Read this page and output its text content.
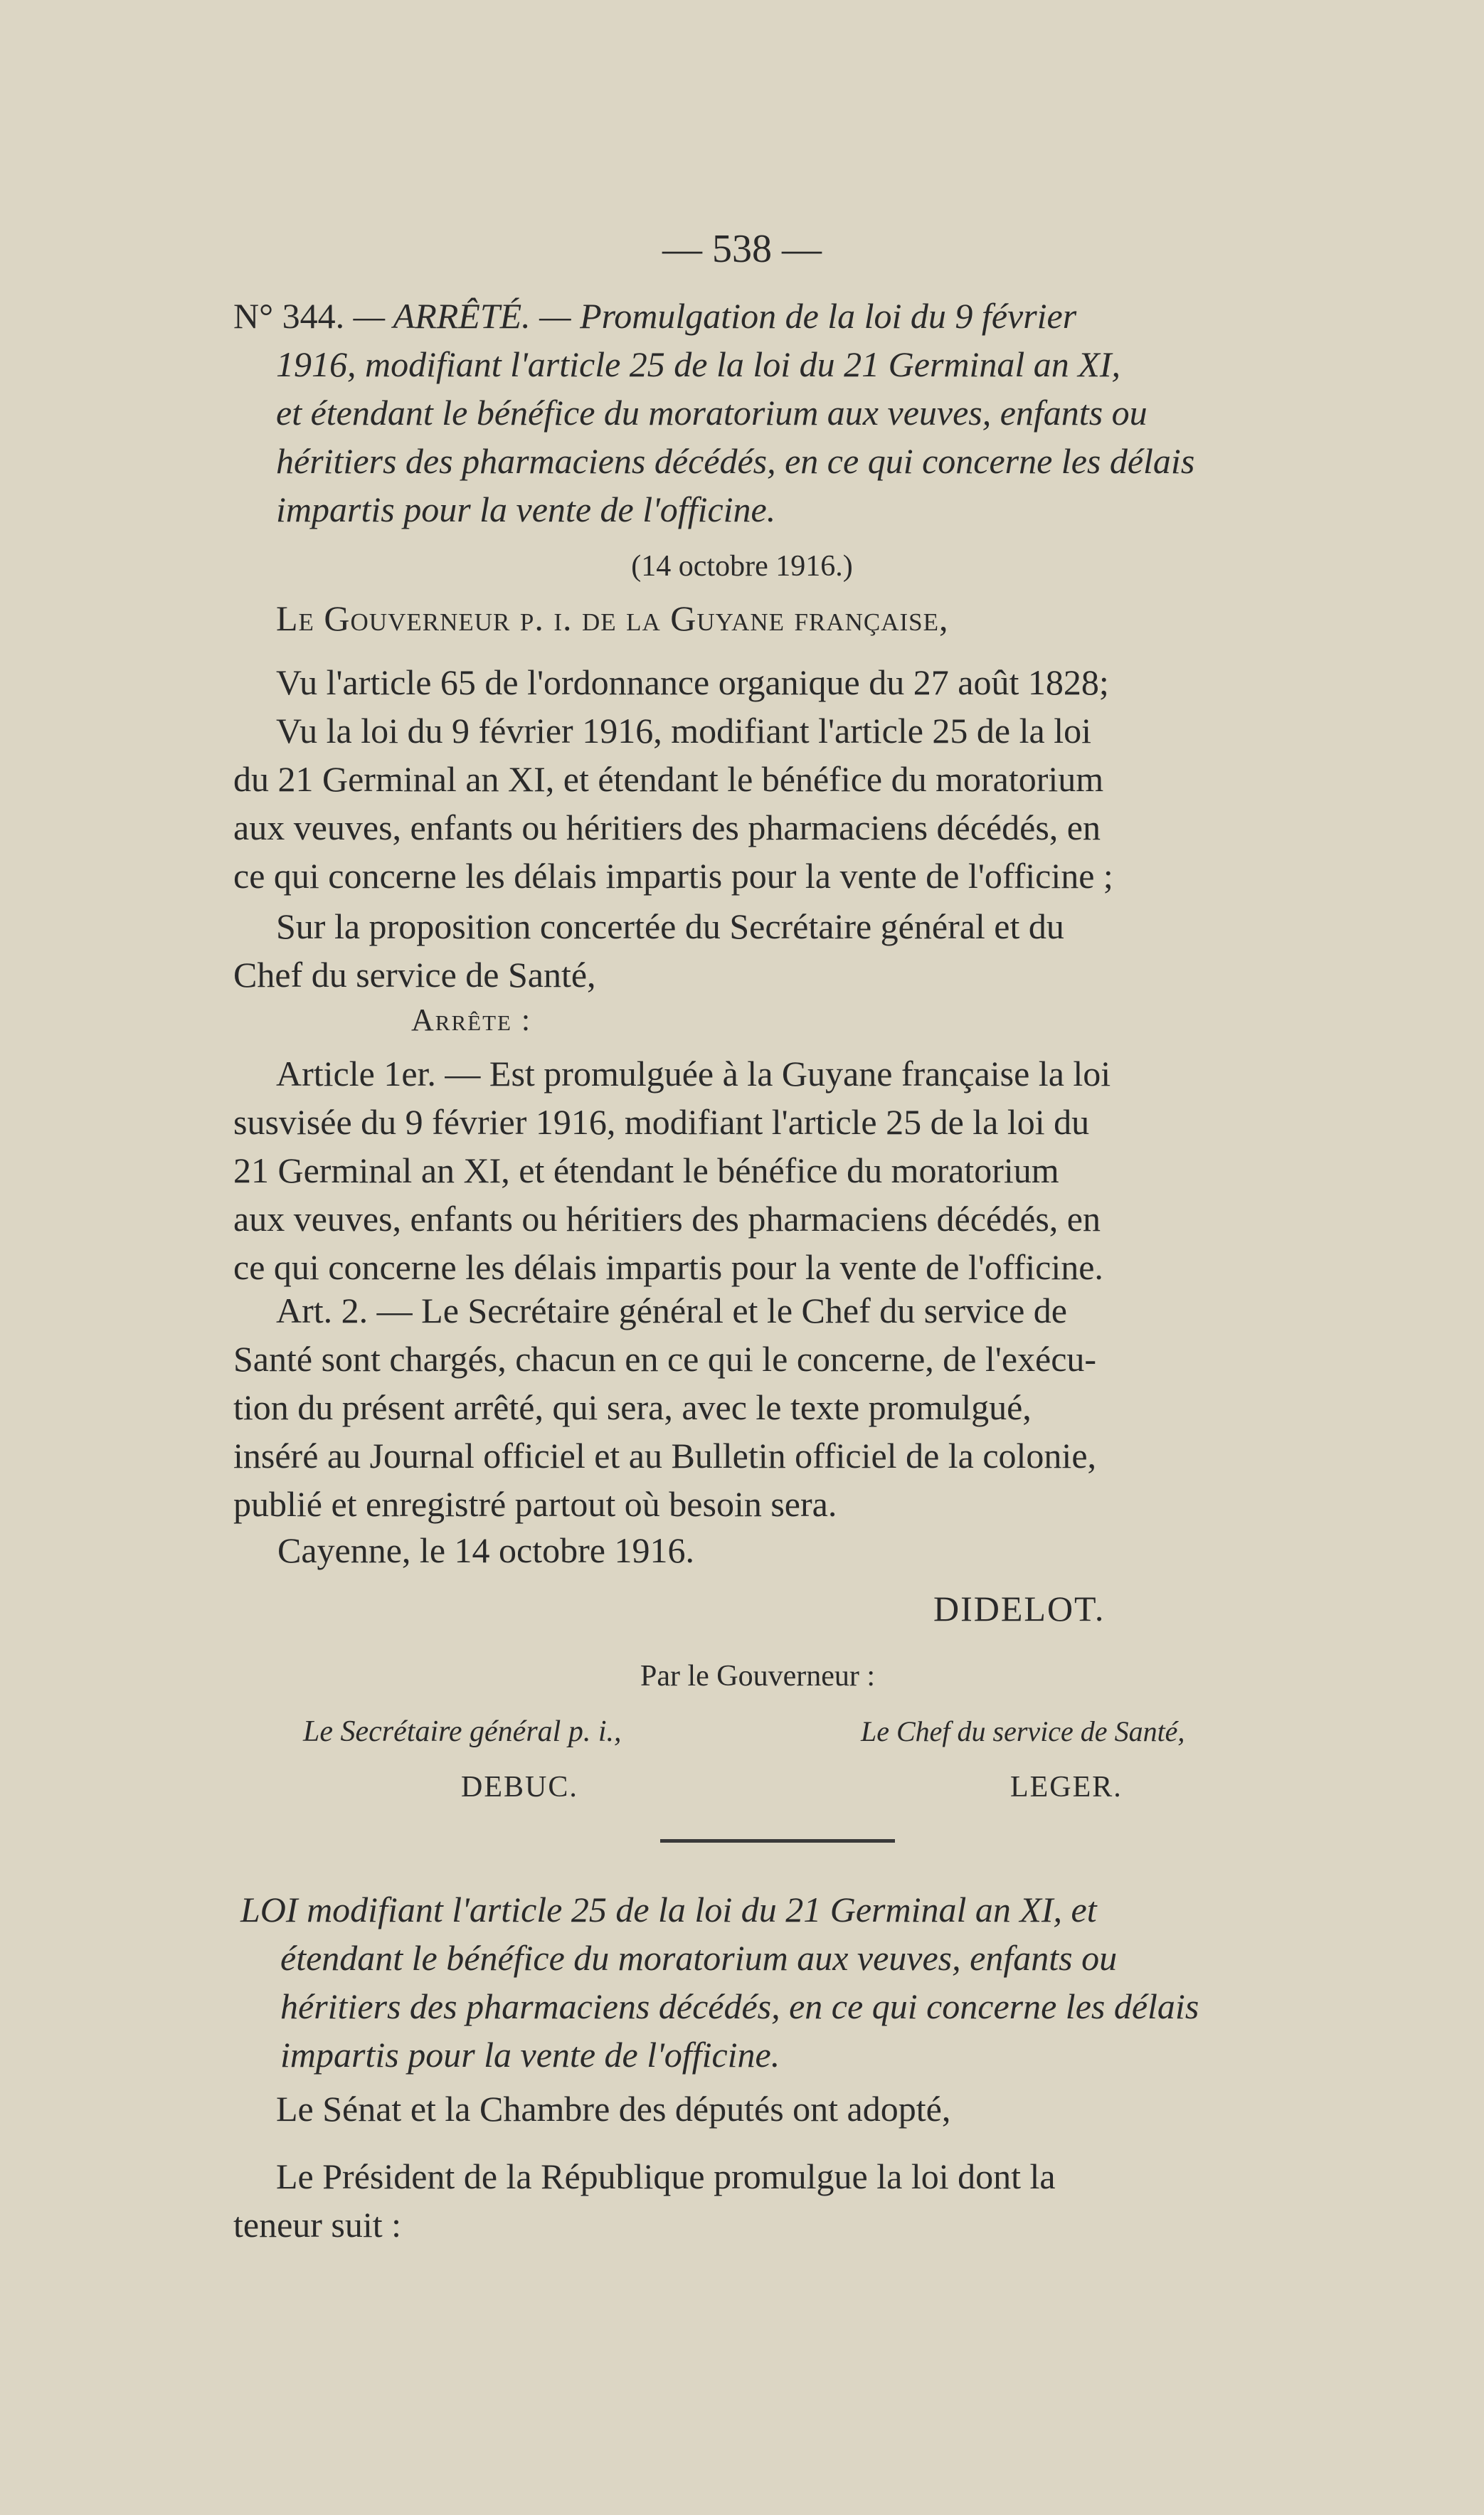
— 538 —
N° 344. — ARRÊTÉ. — Promulgation de la loi du 9 février
1916, modifiant l'article 25 de la loi du 21 Germinal an XI,
et étendant le bénéfice du moratorium aux veuves, enfants ou
héritiers des pharmaciens décédés, en ce qui concerne les délais
impartis pour la vente de l'officine.
(14 octobre 1916.)
Le Gouverneur p. i. de la Guyane française,
Vu l'article 65 de l'ordonnance organique du 27 août 1828;
Vu la loi du 9 février 1916, modifiant l'article 25 de la loi
du 21 Germinal an XI, et étendant le bénéfice du moratorium
aux veuves, enfants ou héritiers des pharmaciens décédés, en
ce qui concerne les délais impartis pour la vente de l'officine ;
Sur la proposition concertée du Secrétaire général et du
Chef du service de Santé,
Arrête :
Article 1er. — Est promulguée à la Guyane française la loi
susvisée du 9 février 1916, modifiant l'article 25 de la loi du
21 Germinal an XI, et étendant le bénéfice du moratorium
aux veuves, enfants ou héritiers des pharmaciens décédés, en
ce qui concerne les délais impartis pour la vente de l'officine.
Art. 2. — Le Secrétaire général et le Chef du service de
Santé sont chargés, chacun en ce qui le concerne, de l'exécu-
tion du présent arrêté, qui sera, avec le texte promulgué,
inséré au Journal officiel et au Bulletin officiel de la colonie,
publié et enregistré partout où besoin sera.
Cayenne, le 14 octobre 1916.
DIDELOT.
Par le Gouverneur :
Le Secrétaire général p. i.,	Le Chef du service de Santé,
DEBUC.	LEGER.
LOI modifiant l'article 25 de la loi du 21 Germinal an XI, et
étendant le bénéfice du moratorium aux veuves, enfants ou
héritiers des pharmaciens décédés, en ce qui concerne les délais
impartis pour la vente de l'officine.
Le Sénat et la Chambre des députés ont adopté,
Le Président de la République promulgue la loi dont la
teneur suit :
